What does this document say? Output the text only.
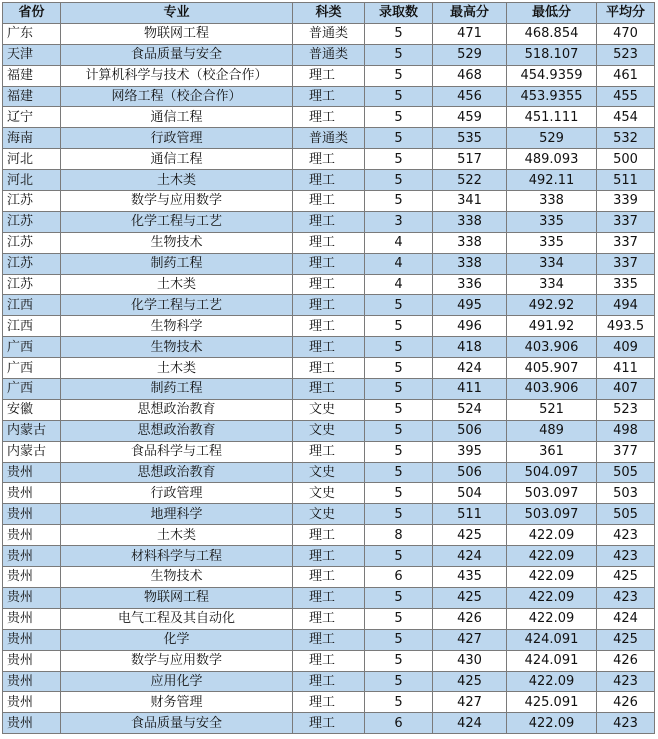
省份	专业	科类	录取数	最高分	最低分	平均分
广东	物联网工程	普通类	5	471	468.854	470
天津	食品质量与安全	普通类	5	529	518.107	523
福建	计算机科学与技术（校企合作）	理工	5	468	454.9359	461
福建	网络工程（校企合作）	理工	5	456	453.9355	455
辽宁	通信工程	理工	5	459	451.111	454
海南	行政管理	普通类	5	535	529	532
河北	通信工程	理工	5	517	489.093	500
河北	土木类	理工	5	522	492.11	511
江苏	数学与应用数学	理工	5	341	338	339
江苏	化学工程与工艺	理工	3	338	335	337
江苏	生物技术	理工	4	338	335	337
江苏	制药工程	理工	4	338	334	337
江苏	土木类	理工	4	336	334	335
江西	化学工程与工艺	理工	5	495	492.92	494
江西	生物科学	理工	5	496	491.92	493.5
广西	生物技术	理工	5	418	403.906	409
广西	土木类	理工	5	424	405.907	411
广西	制药工程	理工	5	411	403.906	407
安徽	思想政治教育	文史	5	524	521	523
内蒙古	思想政治教育	文史	5	506	489	498
内蒙古	食品科学与工程	理工	5	395	361	377
贵州	思想政治教育	文史	5	506	504.097	505
贵州	行政管理	文史	5	504	503.097	503
贵州	地理科学	文史	5	511	503.097	505
贵州	土木类	理工	8	425	422.09	423
贵州	材料科学与工程	理工	5	424	422.09	423
贵州	生物技术	理工	6	435	422.09	425
贵州	物联网工程	理工	5	425	422.09	423
贵州	电气工程及其自动化	理工	5	426	422.09	424
贵州	化学	理工	5	427	424.091	425
贵州	数学与应用数学	理工	5	430	424.091	426
贵州	应用化学	理工	5	425	422.09	423
贵州	财务管理	理工	5	427	425.091	426
贵州	食品质量与安全	理工	6	424	422.09	423
